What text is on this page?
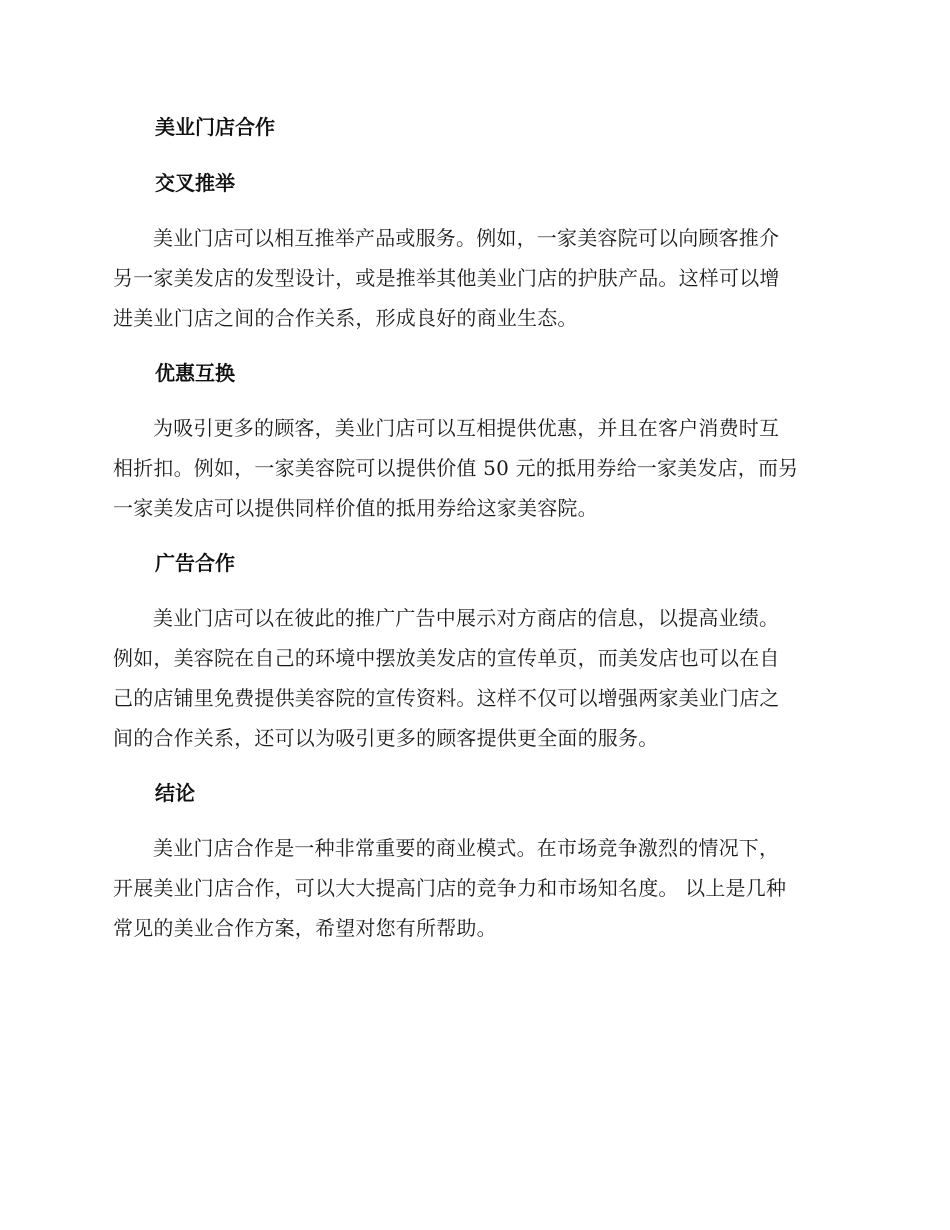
美业门店合作
交叉推举

美业门店可以相互推举产品或服务。例如，一家美容院可以向顾客推介
另一家美发店的发型设计，或是推举其他美业门店的护肤产品。这样可以增
进美业门店之间的合作关系，形成良好的商业生态。

优惠互换

为吸引更多的顾客，美业门店可以互相提供优惠，并且在客户消费时互
相折扣。例如，一家美容院可以提供价值 50 元的抵用券给一家美发店，而另
一家美发店可以提供同样价值的抵用券给这家美容院。

广告合作

美业门店可以在彼此的推广广告中展示对方商店的信息，以提高业绩。
例如，美容院在自己的环境中摆放美发店的宣传单页，而美发店也可以在自
己的店铺里免费提供美容院的宣传资料。这样不仅可以增强两家美业门店之
间的合作关系，还可以为吸引更多的顾客提供更全面的服务。

结论

美业门店合作是一种非常重要的商业模式。在市场竞争激烈的情况下，
开展美业门店合作，可以大大提高门店的竞争力和市场知名度。 以上是几种
常见的美业合作方案，希望对您有所帮助。
